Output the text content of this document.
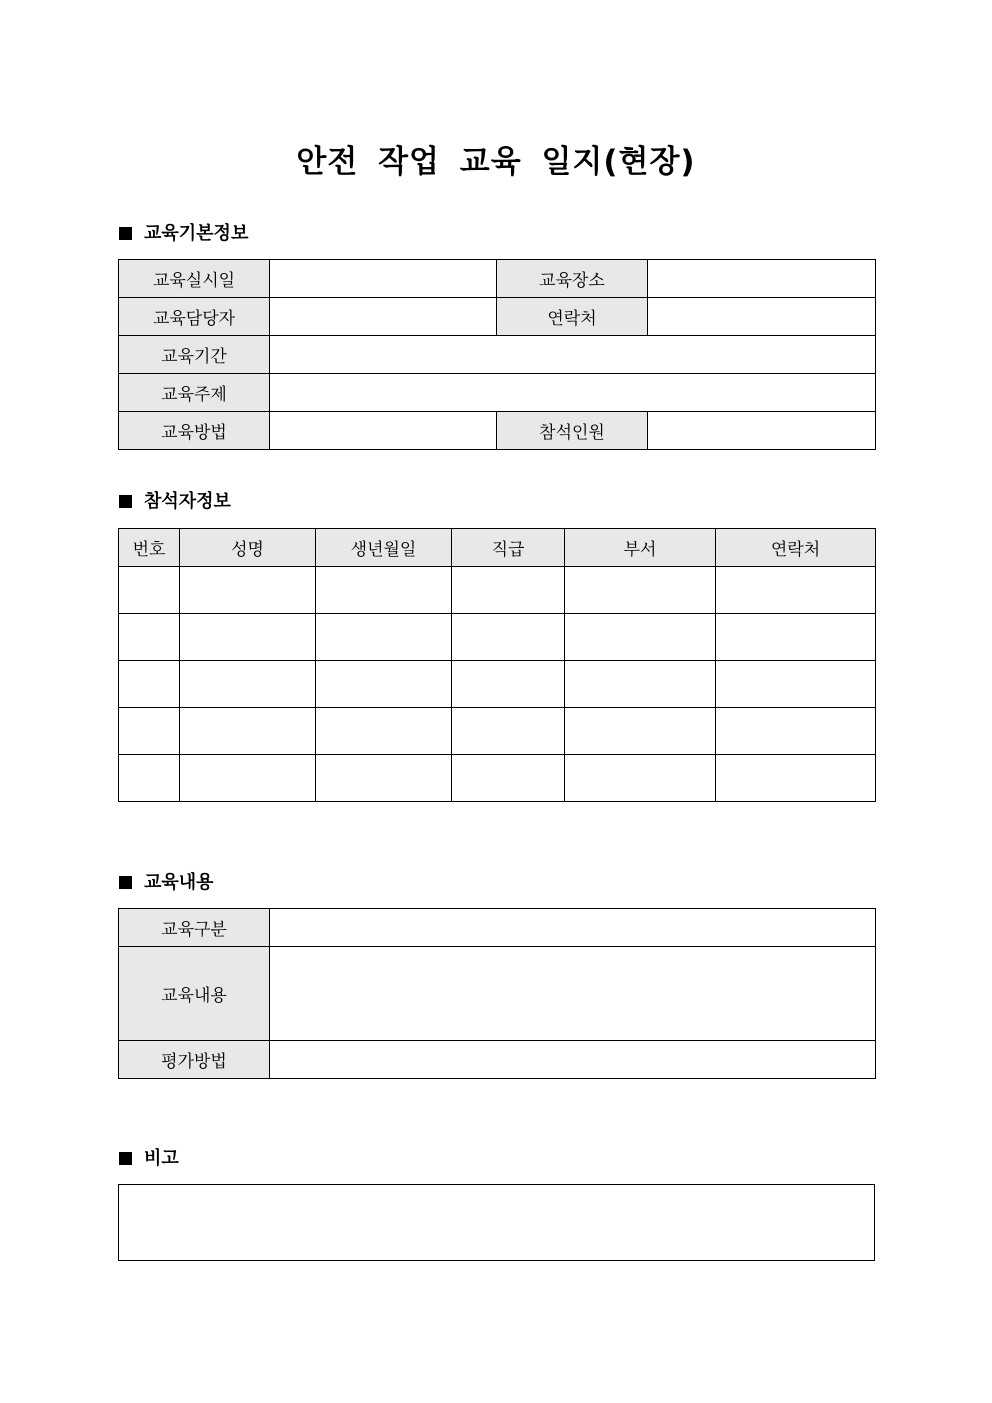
안전 작업 교육 일지(현장)
교육기본정보
교육실시일		교육장소	
교육담당자		연락처	
교육기간			
교육주제			
교육방법		참석인원	
참석자정보
번호	성명	생년월일	직급	부서	연락처

교육내용
교육구분	
교육내용	
평가방법	
비고
